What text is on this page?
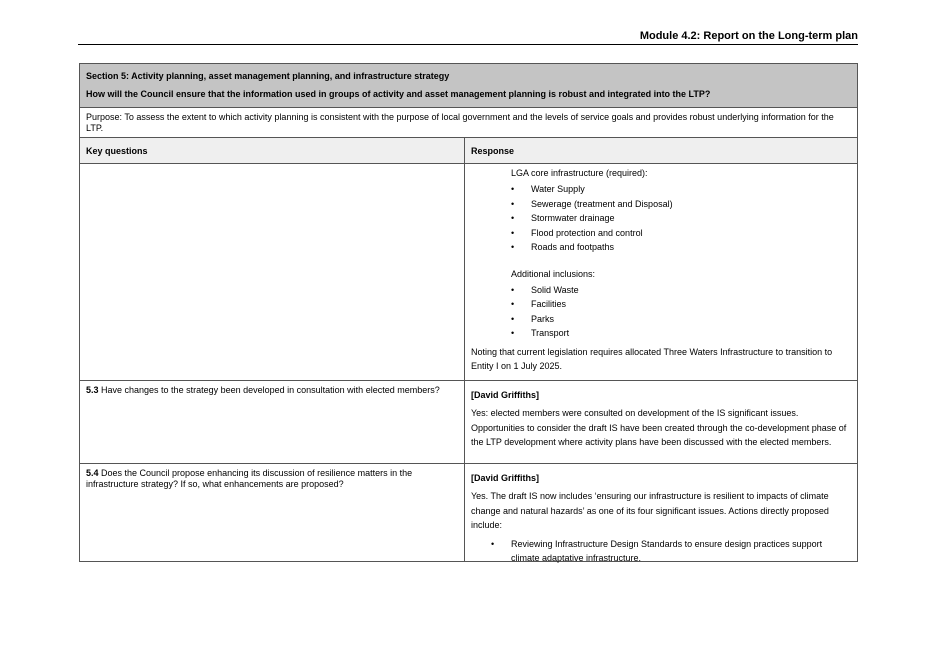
Module 4.2: Report on the Long-term plan
Section 5: Activity planning, asset management planning, and infrastructure strategy
How will the Council ensure that the information used in groups of activity and asset management planning is robust and integrated into the LTP?
Purpose: To assess the extent to which activity planning is consistent with the purpose of local government and the levels of service goals and provides robust underlying information for the LTP.
Key questions	Response
LGA core infrastructure (required):
• Water Supply
• Sewerage (treatment and Disposal)
• Stormwater drainage
• Flood protection and control
• Roads and footpaths
Additional inclusions:
• Solid Waste
• Facilities
• Parks
• Transport
Noting that current legislation requires allocated Three Waters Infrastructure to transition to Entity I on 1 July 2025.
5.3 Have changes to the strategy been developed in consultation with elected members?	[David Griffiths]
Yes: elected members were consulted on development of the IS significant issues. Opportunities to consider the draft IS have been created through the co-development phase of the LTP development where activity plans have been discussed with the elected members.
5.4 Does the Council propose enhancing its discussion of resilience matters in the infrastructure strategy? If so, what enhancements are proposed?
[David Griffiths]
Yes. The draft IS now includes ‘ensuring our infrastructure is resilient to impacts of climate change and natural hazards’ as one of its four significant issues. Actions directly proposed include:
• Reviewing Infrastructure Design Standards to ensure design practices support climate adaptative infrastructure.
